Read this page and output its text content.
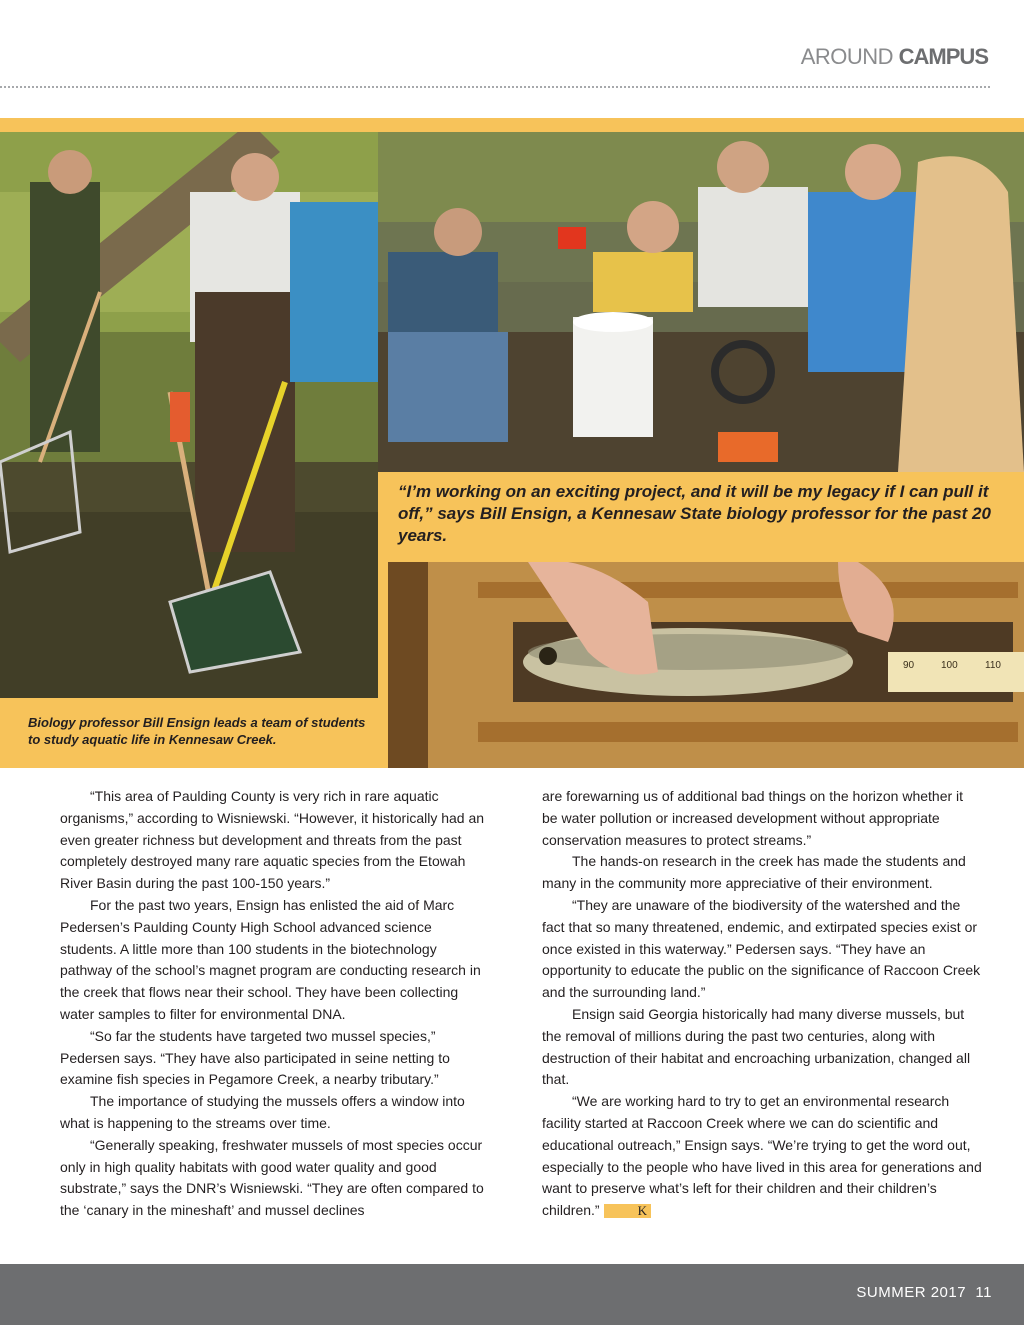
AROUND CAMPUS
“I’m working on an exciting project, and it will be my legacy if I can pull it off,” says Bill Ensign, a Kennesaw State biology professor for the past 20 years.
90	100	110
Biology professor Bill Ensign leads a team of students to study aquatic life in Kennesaw Creek.

“This area of Paulding County is very rich in rare aquatic organisms,” according to Wisniewski. “However, it historically had an even greater richness but development and threats from the past completely destroyed many rare aquatic species from the Etowah River Basin during the past 100-150 years.”

For the past two years, Ensign has enlisted the aid of Marc Pedersen’s Paulding County High School advanced science students. A little more than 100 students in the biotechnology pathway of the school’s magnet program are conducting research in the creek that flows near their school. They have been collecting water samples to filter for environmental DNA.

“So far the students have targeted two mussel species,” Pedersen says. “They have also participated in seine netting to examine fish species in Pegamore Creek, a nearby tributary.”

The importance of studying the mussels offers a window into what is happening to the streams over time.

“Generally speaking, freshwater mussels of most species occur only in high quality habitats with good water quality and good substrate,” says the DNR’s Wisniewski. “They are often compared to the ‘canary in the mineshaft’ and mussel declines

are forewarning us of additional bad things on the horizon whether it be water pollution or increased development without appropriate conservation measures to protect streams.”

The hands-on research in the creek has made the students and many in the community more appreciative of their environment.

“They are unaware of the biodiversity of the watershed and the fact that so many threatened, endemic, and extirpated species exist or once existed in this waterway.” Pedersen says. “They have an opportunity to educate the public on the significance of Raccoon Creek and the surrounding land.”

Ensign said Georgia historically had many diverse mussels, but the removal of millions during the past two centuries, along with destruction of their habitat and encroaching urbanization, changed all that.

“We are working hard to try to get an environmental research facility started at Raccoon Creek where we can do scientific and educational outreach,” Ensign says. “We’re trying to get the word out, especially to the people who have lived in this area for generations and want to preserve what’s left for their children and their children’s children.”	K

SUMMER 2017 11
